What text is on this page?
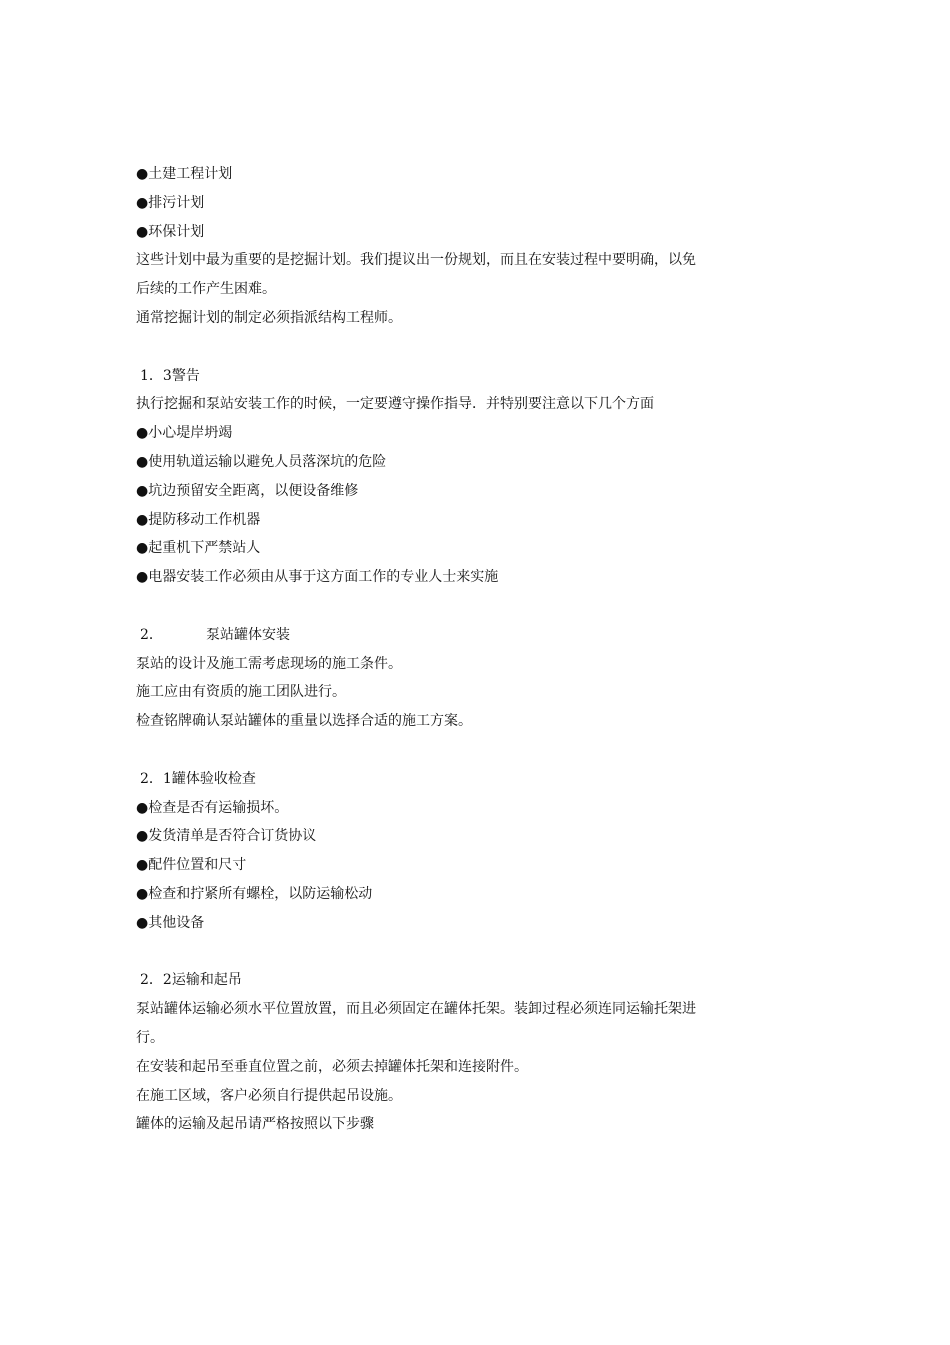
●土建工程计划
●排污计划
●环保计划
这些计划中最为重要的是挖掘计划。我们提议出一份规划，而且在安装过程中要明确，以免
后续的工作产生困难。
通常挖掘计划的制定必须指派结构工程师。
1．3警告
执行挖掘和泵站安装工作的时候，一定要遵守操作指导．并特别要注意以下几个方面
●小心堤岸坍竭
●使用轨道运输以避免人员落深坑的危险
●坑边预留安全距离，以便设备维修
●提防移动工作机器
●起重机下严禁站人
●电器安装工作必须由从事于这方面工作的专业人士来实施
2．	泵站罐体安装
泵站的设计及施工需考虑现场的施工条件。
施工应由有资质的施工团队进行。
检查铭牌确认泵站罐体的重量以选择合适的施工方案。
2．1罐体验收检查
●检查是否有运输损坏。
●发货清单是否符合订货协议
●配件位置和尺寸
●检查和拧紧所有螺栓，以防运输松动
●其他设备
2．2运输和起吊
泵站罐体运输必须水平位置放置，而且必须固定在罐体托架。装卸过程必须连同运输托架进
行。
在安装和起吊至垂直位置之前，必须去掉罐体托架和连接附件。
在施工区域，客户必须自行提供起吊设施。
罐体的运输及起吊请严格按照以下步骤
